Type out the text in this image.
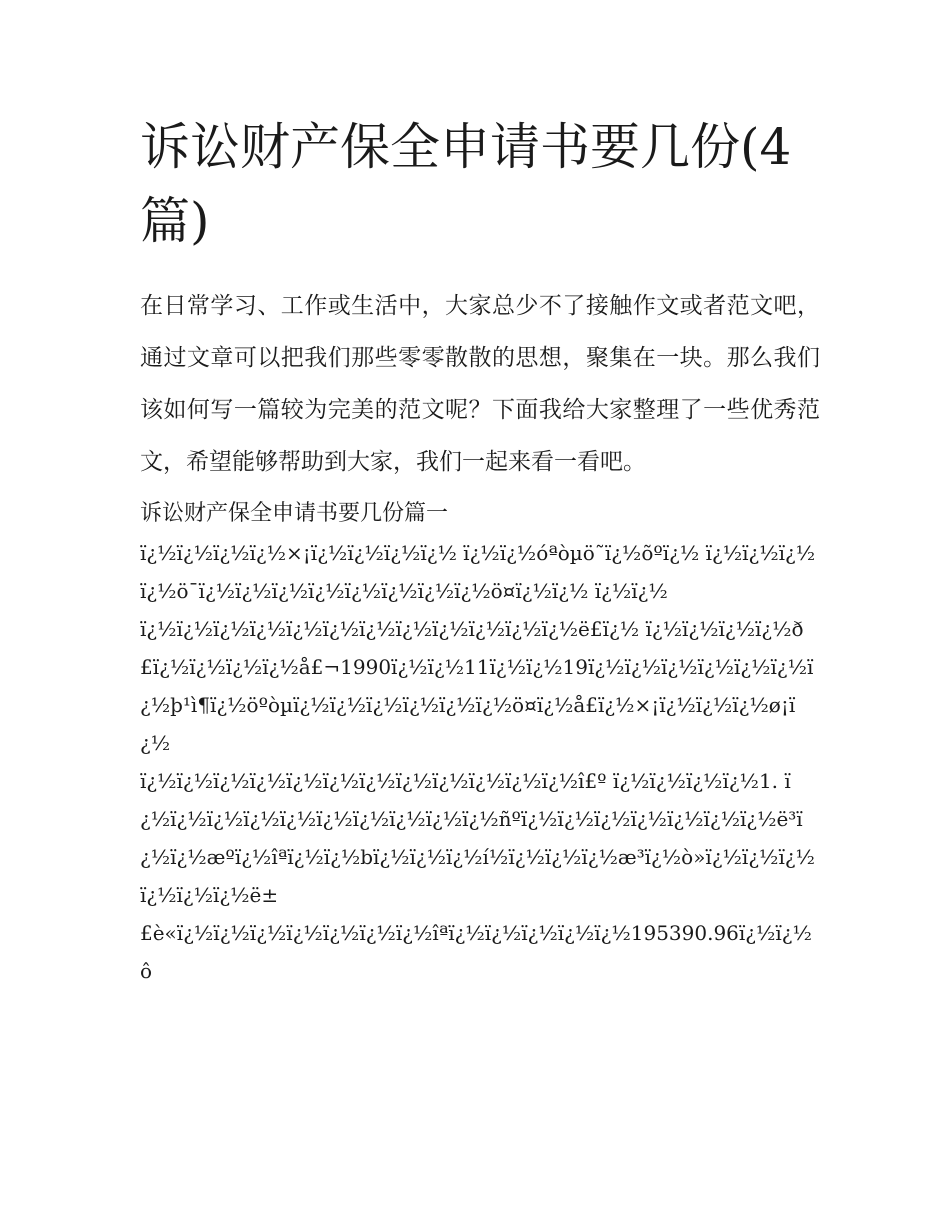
诉讼财产保全申请书要几份(4篇)

在日常学习、工作或生活中，大家总少不了接触作文或者范文吧，通过文章可以把我们那些零零散散的思想，聚集在一块。那么我们该如何写一篇较为完美的范文呢？下面我给大家整理了一些优秀范文，希望能够帮助到大家，我们一起来看一看吧。

诉讼财产保全申请书要几份篇一

ï¿½ï¿½ï¿½ï¿½×¡ï¿½ï¿½ï¿½ï¿½ ï¿½ï¿½óªòµö˜ï¿½õºï¿½ ï¿½ï¿½ï¿½ï¿½ö¯ï¿½ï¿½ï¿½ï¿½ï¿½ï¿½ï¿½ï¿½ö¤ï¿½ï¿½ ï¿½ï¿½

ï¿½ï¿½ï¿½ï¿½ï¿½ï¿½ï¿½ï¿½ï¿½ï¿½ï¿½ï¿½ë£ï¿½ ï¿½ï¿½ï¿½ï¿½ð£ï¿½ï¿½ï¿½ï¿½å£¬1990ï¿½ï¿½11ï¿½ï¿½19ï¿½ï¿½ï¿½ï¿½ï¿½ï¿½ï¿½þ¹ì¶ï¿½öºòµï¿½ï¿½ï¿½ï¿½ï¿½ï¿½ö¤ï¿½å£ï¿½×¡ï¿½ï¿½ï¿½ø¡ï¿½

ï¿½ï¿½ï¿½ï¿½ï¿½ï¿½ï¿½ï¿½ï¿½ï¿½ï¿½ï¿½î£º ï¿½ï¿½ï¿½ï¿½1. ï¿½ï¿½ï¿½ï¿½ï¿½ï¿½ï¿½ï¿½ï¿½ï¿½ñºï¿½ï¿½ï¿½ï¿½ï¿½ï¿½ï¿½ë³ï¿½ï¿½æºï¿½îªï¿½ï¿½bï¿½ï¿½ï¿½í½ï¿½ï¿½ï¿½æ³ï¿½ò»ï¿½ï¿½ï¿½ï¿½ï¿½ï¿½ë±

£è«ï¿½ï¿½ï¿½ï¿½ï¿½ï¿½ï¿½îªï¿½ï¿½ï¿½ï¿½ï¿½195390.96ï¿½ï¿½ô
